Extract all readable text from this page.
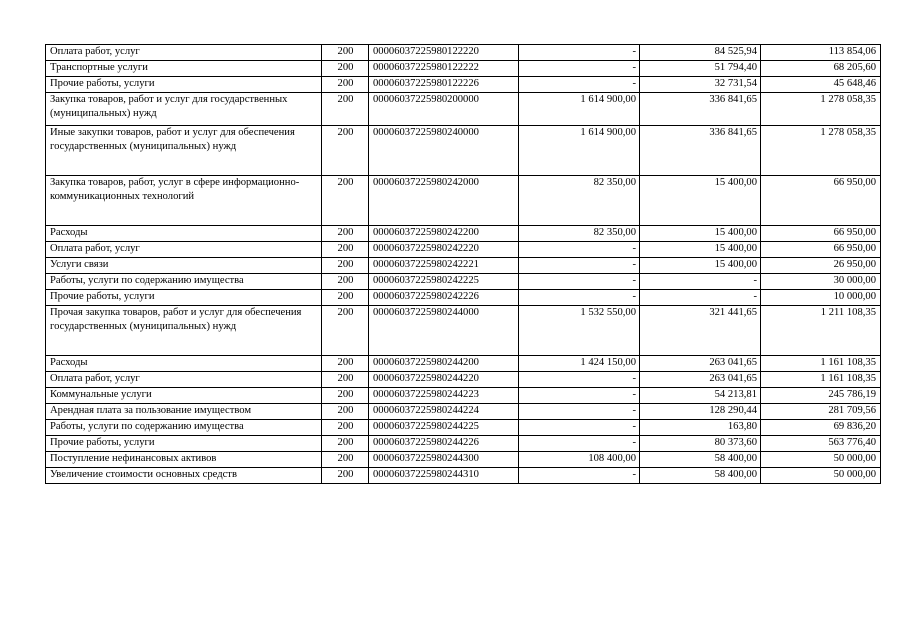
Оплата работ, услуг	200	00006037225980122220	-	84 525,94	113 854,06
Транспортные услуги	200	00006037225980122222	-	51 794,40	68 205,60
Прочие работы, услуги	200	00006037225980122226	-	32 731,54	45 648,46
Закупка товаров, работ и услуг для государственных (муниципальных) нужд	200	00006037225980200000	1 614 900,00	336 841,65	1 278 058,35
Иные закупки товаров, работ и услуг для обеспечения государственных (муниципальных) нужд	200	00006037225980240000	1 614 900,00	336 841,65	1 278 058,35
Закупка товаров, работ, услуг в сфере информационно-коммуникационных технологий	200	00006037225980242000	82 350,00	15 400,00	66 950,00
Расходы	200	00006037225980242200	82 350,00	15 400,00	66 950,00
Оплата работ, услуг	200	00006037225980242220	-	15 400,00	66 950,00
Услуги связи	200	00006037225980242221	-	15 400,00	26 950,00
Работы, услуги по содержанию имущества	200	00006037225980242225	-	-	30 000,00
Прочие работы, услуги	200	00006037225980242226	-	-	10 000,00
Прочая закупка товаров, работ и услуг для обеспечения государственных (муниципальных) нужд	200	00006037225980244000	1 532 550,00	321 441,65	1 211 108,35
Расходы	200	00006037225980244200	1 424 150,00	263 041,65	1 161 108,35
Оплата работ, услуг	200	00006037225980244220	-	263 041,65	1 161 108,35
Коммунальные услуги	200	00006037225980244223	-	54 213,81	245 786,19
Арендная плата за пользование имуществом	200	00006037225980244224	-	128 290,44	281 709,56
Работы, услуги по содержанию имущества	200	00006037225980244225	-	163,80	69 836,20
Прочие работы, услуги	200	00006037225980244226	-	80 373,60	563 776,40
Поступление нефинансовых активов	200	00006037225980244300	108 400,00	58 400,00	50 000,00
Увеличение стоимости основных средств	200	00006037225980244310	-	58 400,00	50 000,00
